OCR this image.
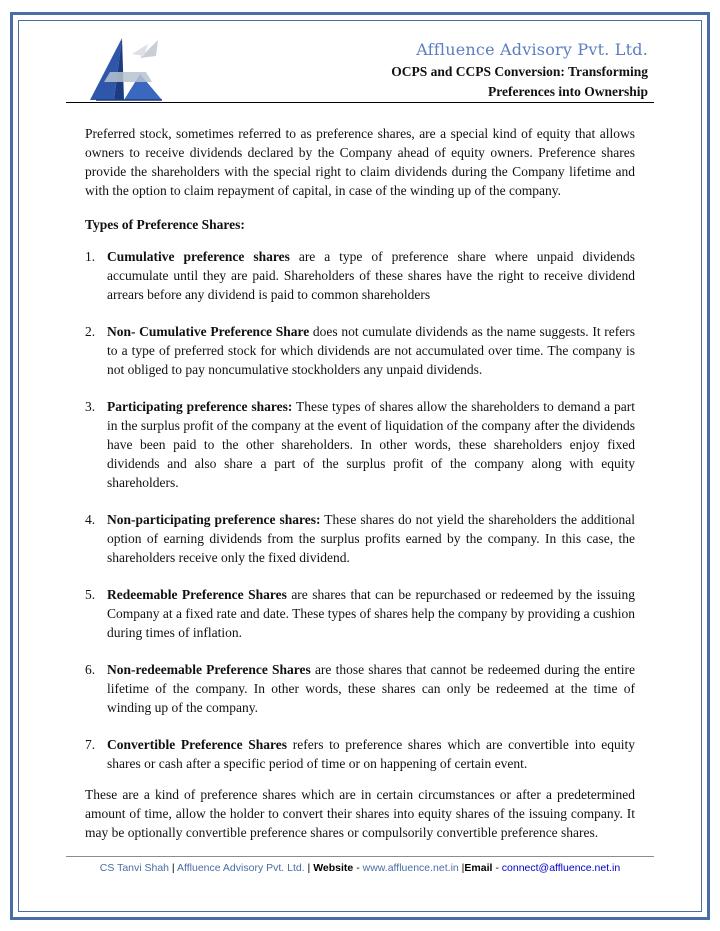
Affluence Advisory Pvt. Ltd.
OCPS and CCPS Conversion: Transforming
Preferences into Ownership

Preferred stock, sometimes referred to as preference shares, are a special kind of equity that allows owners to receive dividends declared by the Company ahead of equity owners. Preference shares provide the shareholders with the special right to claim dividends during the Company lifetime and with the option to claim repayment of capital, in case of the winding up of the company.

Types of Preference Shares:

1. Cumulative preference shares are a type of preference share where unpaid dividends accumulate until they are paid. Shareholders of these shares have the right to receive dividend arrears before any dividend is paid to common shareholders
2. Non- Cumulative Preference Share does not cumulate dividends as the name suggests. It refers to a type of preferred stock for which dividends are not accumulated over time. The company is not obliged to pay noncumulative stockholders any unpaid dividends.
3. Participating preference shares: These types of shares allow the shareholders to demand a part in the surplus profit of the company at the event of liquidation of the company after the dividends have been paid to the other shareholders. In other words, these shareholders enjoy fixed dividends and also share a part of the surplus profit of the company along with equity shareholders.
4. Non-participating preference shares: These shares do not yield the shareholders the additional option of earning dividends from the surplus profits earned by the company. In this case, the shareholders receive only the fixed dividend.
5. Redeemable Preference Shares are shares that can be repurchased or redeemed by the issuing Company at a fixed rate and date. These types of shares help the company by providing a cushion during times of inflation.
6. Non-redeemable Preference Shares are those shares that cannot be redeemed during the entire lifetime of the company. In other words, these shares can only be redeemed at the time of winding up of the company.
7. Convertible Preference Shares refers to preference shares which are convertible into equity shares or cash after a specific period of time or on happening of certain event.

These are a kind of preference shares which are in certain circumstances or after a predetermined amount of time, allow the holder to convert their shares into equity shares of the issuing company. It may be optionally convertible preference shares or compulsorily convertible preference shares.

CS Tanvi Shah | Affluence Advisory Pvt. Ltd. | Website - www.affluence.net.in |Email - connect@affluence.net.in
